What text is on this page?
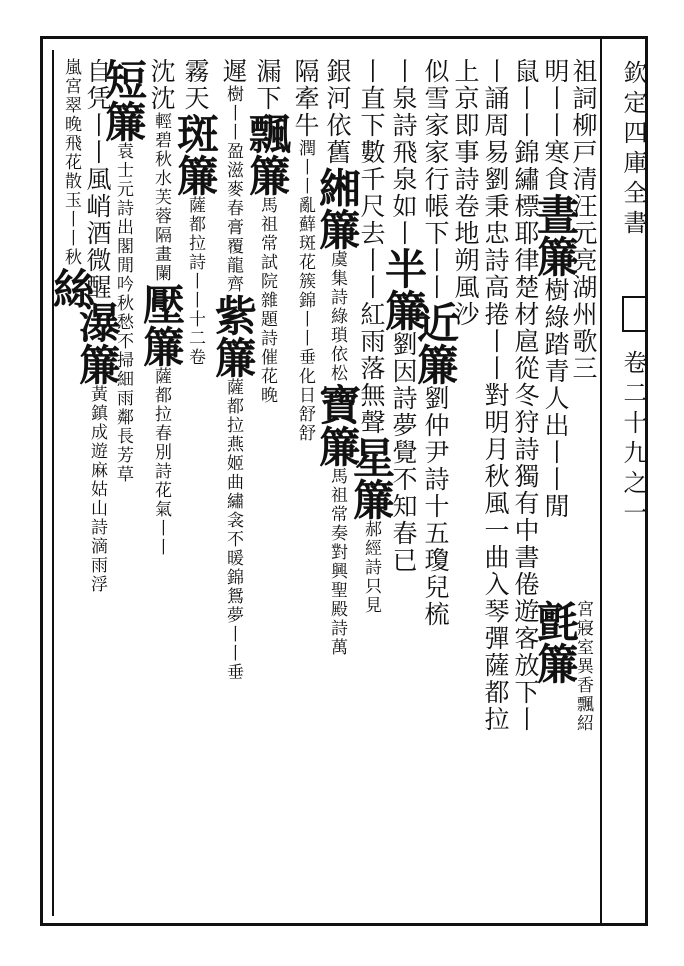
欽定四庫全書
卷二十九之一
祖詞柳戸清汪元亮湖州歌三
明丨丨寒食晝簾樹綠踏青人出丨丨閒
鼠丨丨錦繡標耶律楚材扈從冬狩詩獨有中書倦遊客放下丨
丨誦周易劉秉忠詩高捲丨丨對明月秋風一曲入琴彈薩都拉
上京即事詩卷地朔風沙
似雪家家行帳下丨丨近簾劉仲尹詩十五瓊兒梳
丨泉詩飛泉如丨半簾劉因詩夢覺不知春已
丨直下數千尺去丨丨紅雨落無聲星簾郝經詩只見
銀河依舊緗簾虞集詩綠瑣依松寶簾馬祖常奏對興聖殿詩萬
隔牽牛潤丨丨亂蘚斑花簇錦丨丨垂化日舒舒
漏下飄簾馬祖常試院雜題詩催花晚
遲樹丨丨盈滋麥春膏覆龍齊紫簾薩都拉燕姬曲繡衾不暖錦鴛夢丨丨垂
霧天斑簾薩都拉詩丨丨十二卷
沈沈輕碧秋水芙蓉隔畫闌壓簾薩都拉春別詩花氣丨丨
短簾袁士元詩出閣閒吟秋愁不掃細雨鄰長芳草
自凭丨丨風峭酒微醒瀑簾黃鎮成遊麻姑山詩滴雨浮
嵐宮翠晚飛花散玉丨丨秋絲
氈簾
宮寢室異香飄紹
